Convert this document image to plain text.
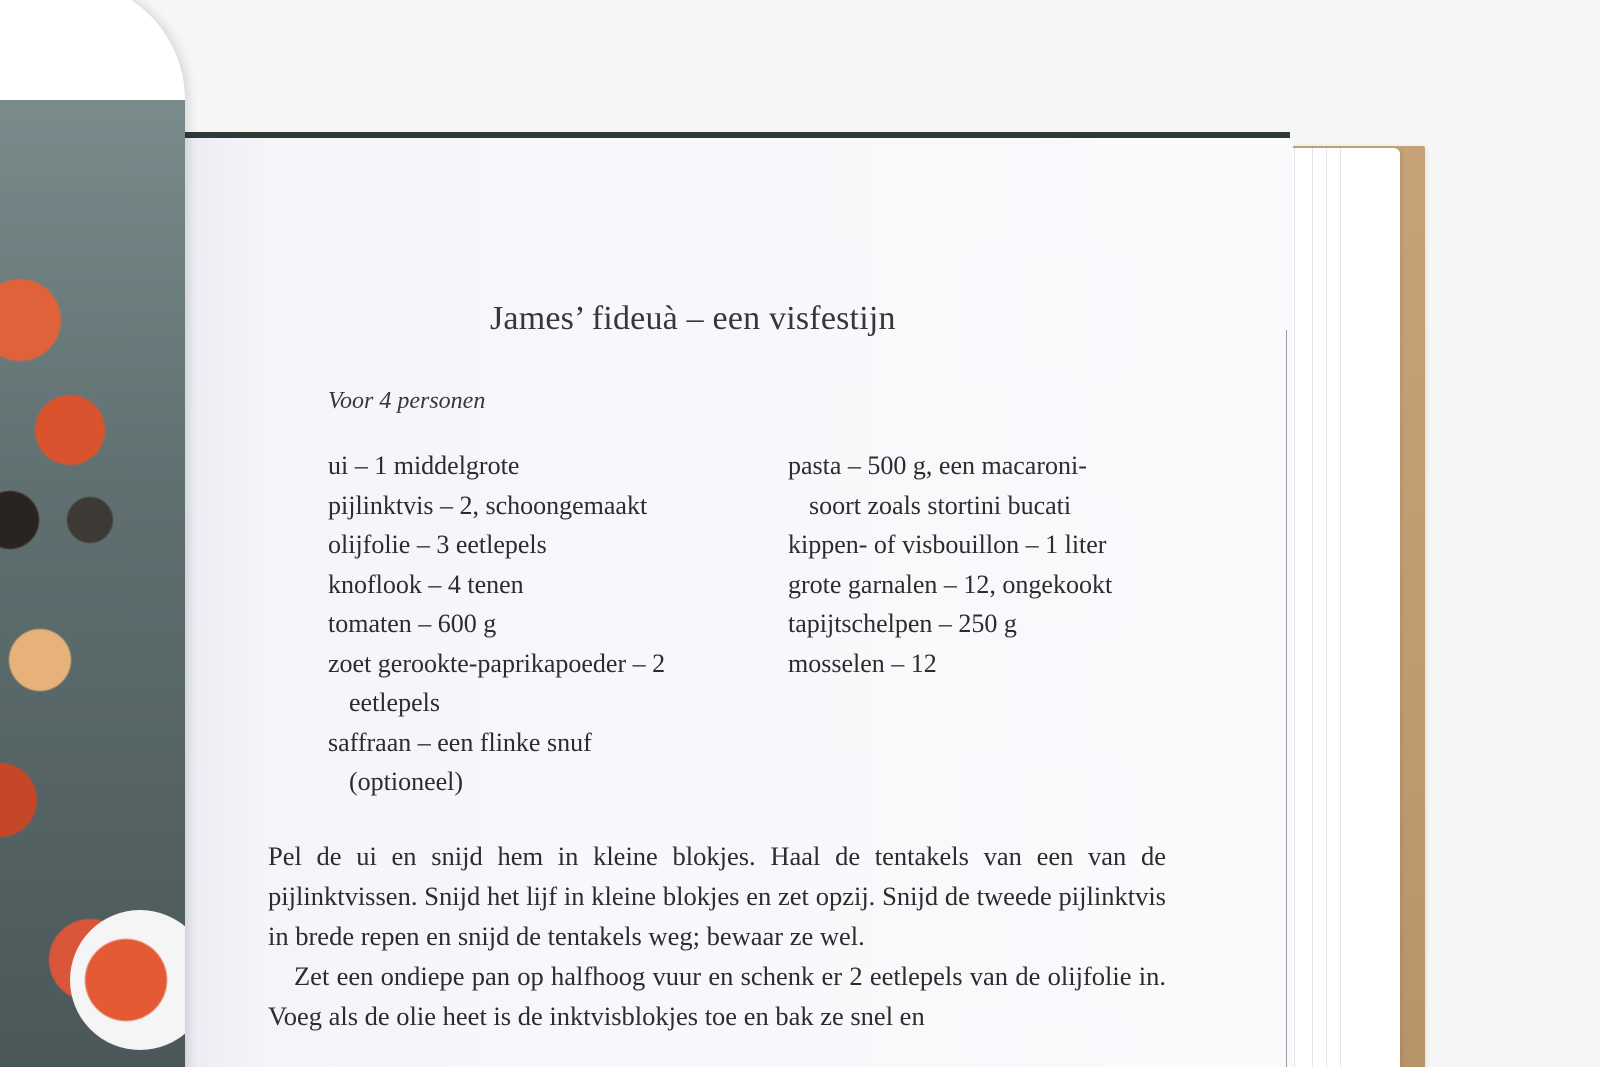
James’ fideuà – een visfestijn
Voor 4 personen
ui – 1 middelgrote
pijlinktvis – 2, schoongemaakt
olijfolie – 3 eetlepels
knoflook – 4 tenen
tomaten – 600 g
zoet gerookte-paprikapoeder – 2
eetlepels
saffraan – een flinke snuf
(optioneel)
pasta – 500 g, een macaroni-
soort zoals stortini bucati
kippen- of visbouillon – 1 liter
grote garnalen – 12, ongekookt
tapijtschelpen – 250 g
mosselen – 12

Pel de ui en snijd hem in kleine blokjes. Haal de tentakels van een van de pijlinktvissen. Snijd het lijf in kleine blokjes en zet opzij. Snijd de tweede pijlinktvis in brede repen en snijd de tentakels weg; bewaar ze wel.

Zet een ondiepe pan op halfhoog vuur en schenk er 2 eetlepels van de olijfolie in. Voeg als de olie heet is de inktvisblokjes toe en bak ze snel en
